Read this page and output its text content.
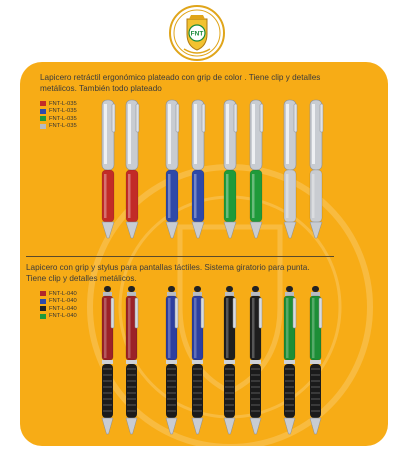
FNT
Lapicero retráctil ergonómico plateado con grip de color . Tiene clip y detalles metálicos. También todo plateado
FNT-L-035
FNT-L-035
FNT-L-035
FNT-L-035
Lapicero con grip y stylus para pantallas táctiles. Sistema giratorio para punta. Tiene clip y detalles metálicos.
FNT-L-040
FNT-L-040
FNT-L-040
FNT-L-040
